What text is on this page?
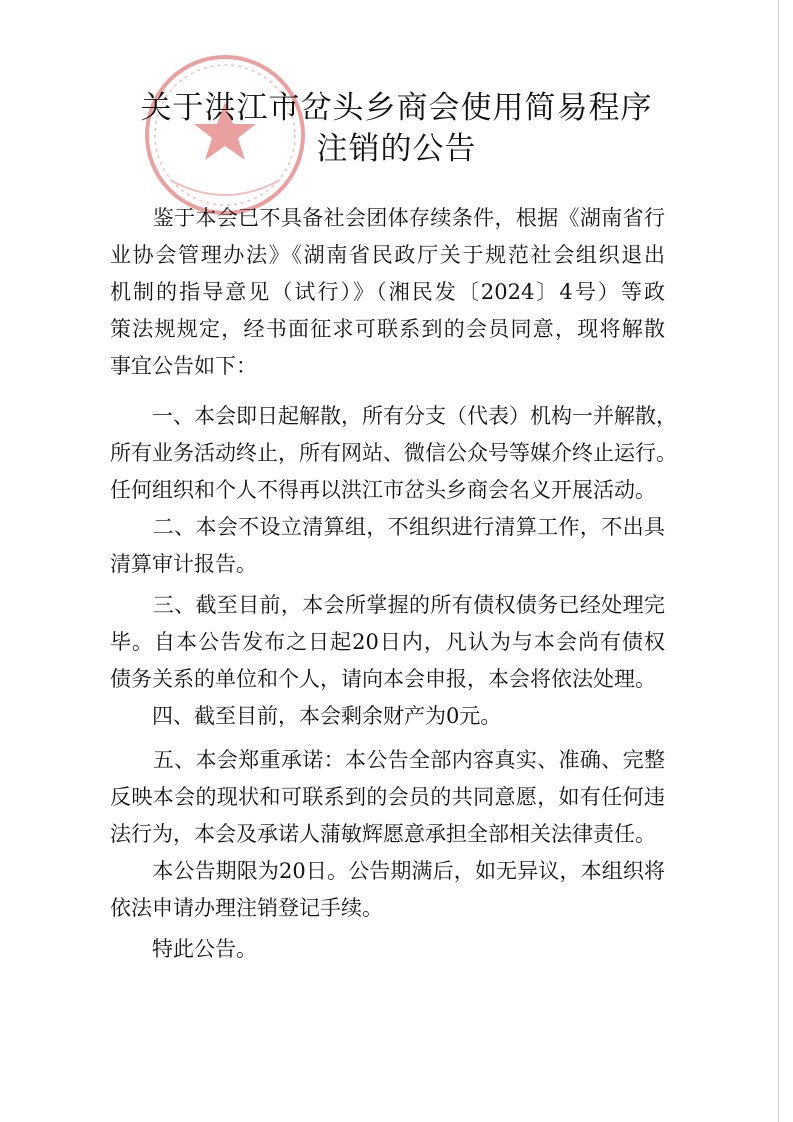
关于洪江市岔头乡商会使用简易程序
注销的公告
　　鉴于本会已不具备社会团体存续条件，根据《湖南省行
业协会管理办法》《湖南省民政厅关于规范社会组织退出
机制的指导意见（试行）》（湘民发〔2024〕4号）等政
策法规规定，经书面征求可联系到的会员同意，现将解散
事宜公告如下：
　　一、本会即日起解散，所有分支（代表）机构一并解散，
所有业务活动终止，所有网站、微信公众号等媒介终止运行。
任何组织和个人不得再以洪江市岔头乡商会名义开展活动。
　　二、本会不设立清算组，不组织进行清算工作，不出具
清算审计报告。
　　三、截至目前，本会所掌握的所有债权债务已经处理完
毕。自本公告发布之日起20日内，凡认为与本会尚有债权
债务关系的单位和个人，请向本会申报，本会将依法处理。
　　四、截至目前，本会剩余财产为0元。
　　五、本会郑重承诺：本公告全部内容真实、准确、完整
反映本会的现状和可联系到的会员的共同意愿，如有任何违
法行为，本会及承诺人蒲敏辉愿意承担全部相关法律责任。
　　本公告期限为20日。公告期满后，如无异议，本组织将
依法申请办理注销登记手续。
　　特此公告。
